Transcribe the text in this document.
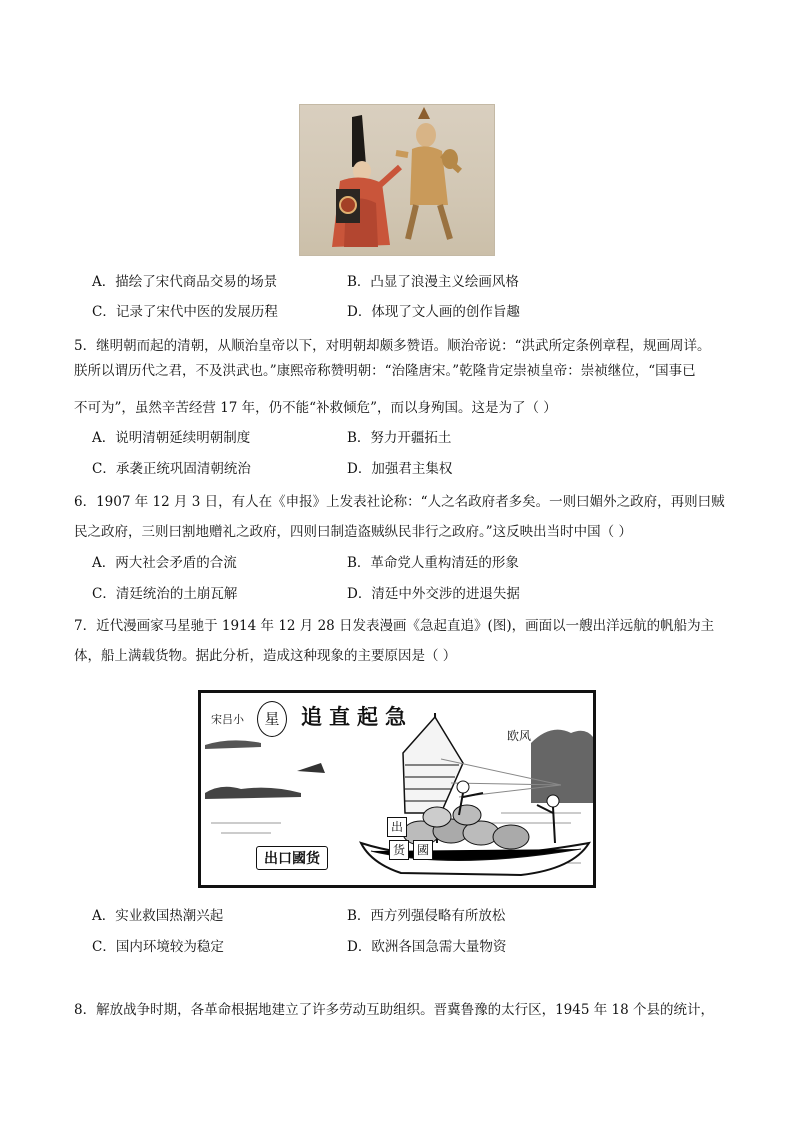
A．描绘了宋代商品交易的场景	B．凸显了浪漫主义绘画风格
C．记录了宋代中医的发展历程	D．体现了文人画的创作旨趣
5．继明朝而起的清朝，从顺治皇帝以下，对明朝却颇多赞语。顺治帝说：“洪武所定条例章程，规画周详。
朕所以谓历代之君，不及洪武也。”康熙帝称赞明朝：“治隆唐宋。”乾隆肯定崇祯皇帝：崇祯继位，“国事已
不可为”，虽然辛苦经营 17 年，仍不能“补救倾危”，而以身殉国。这是为了（ ）
A．说明清朝延续明朝制度	B．努力开疆拓土
C．承袭正统巩固清朝统治	D．加强君主集权
6．1907 年 12 月 3 日，有人在《申报》上发表社论称：“人之名政府者多矣。一则曰媚外之政府，再则曰贼
民之政府，三则曰割地赠礼之政府，四则曰制造盗贼纵民非行之政府。”这反映出当时中国（ ）
A．两大社会矛盾的合流	B．革命党人重构清廷的形象
C．清廷统治的土崩瓦解	D．清廷中外交涉的进退失据
7．近代漫画家马星驰于 1914 年 12 月 28 日发表漫画《急起直追》(图)，画面以一艘出洋远航的帆船为主
体，船上满载货物。据此分析，造成这种现象的主要原因是（ ）
宋吕小	星	追直起急
欧风
出
货 國
出口國货
A．实业救国热潮兴起	B．西方列强侵略有所放松
C．国内环境较为稳定	D．欧洲各国急需大量物资
8．解放战争时期，各革命根据地建立了许多劳动互助组织。晋冀鲁豫的太行区，1945 年 18 个县的统计，
